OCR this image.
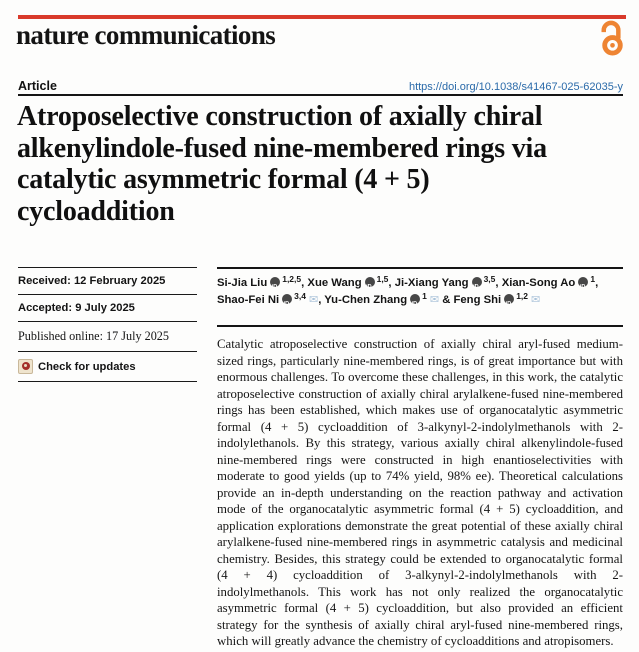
nature communications
Article	https://doi.org/10.1038/s41467-025-62035-y
Atroposelective construction of axially chiral
alkenylindole-fused nine-membered rings via
catalytic asymmetric formal (4 + 5)
cycloaddition
Received: 12 February 2025
Accepted: 9 July 2025
Published online: 17 July 2025
Check for updates
Si-Jia Liu iD $^{1,2,5}$, Xue Wang iD $^{1,5}$, Ji-Xiang Yang iD $^{3,5}$, Xian-Song Ao iD $^1$,
Shao-Fei Ni iD $^{3,4}$ ✉, Yu-Chen Zhang iD $^1$ ✉ & Feng Shi iD $^{1,2}$ ✉
Catalytic atroposelective construction of axially chiral aryl-fused medium-sized rings, particularly nine-membered rings, is of great importance but with enormous challenges. To overcome these challenges, in this work, the catalytic atroposelective construction of axially chiral arylalkene-fused nine-membered rings has been established, which makes use of organocatalytic asymmetric formal (4 + 5) cycloaddition of 3-alkynyl-2-indolylmethanols with 2-indolylethanols. By this strategy, various axially chiral alkenylindole-fused nine-membered rings were constructed in high enantioselectivities with moderate to good yields (up to 74% yield, 98% ee). Theoretical calculations provide an in-depth understanding on the reaction pathway and activation mode of the organocatalytic asymmetric formal (4 + 5) cycloaddition, and application explorations demonstrate the great potential of these axially chiral arylalkene-fused nine-membered rings in asymmetric catalysis and medicinal chemistry. Besides, this strategy could be extended to organocatalytic formal (4 + 4) cycloaddition of 3-alkynyl-2-indolylmethanols with 2-indolylmethanols. This work has not only realized the organocatalytic asymmetric formal (4 + 5) cycloaddition, but also provided an efficient strategy for the synthesis of axially chiral aryl-fused nine-membered rings, which will greatly advance the chemistry of cycloadditions and atropisomers.
